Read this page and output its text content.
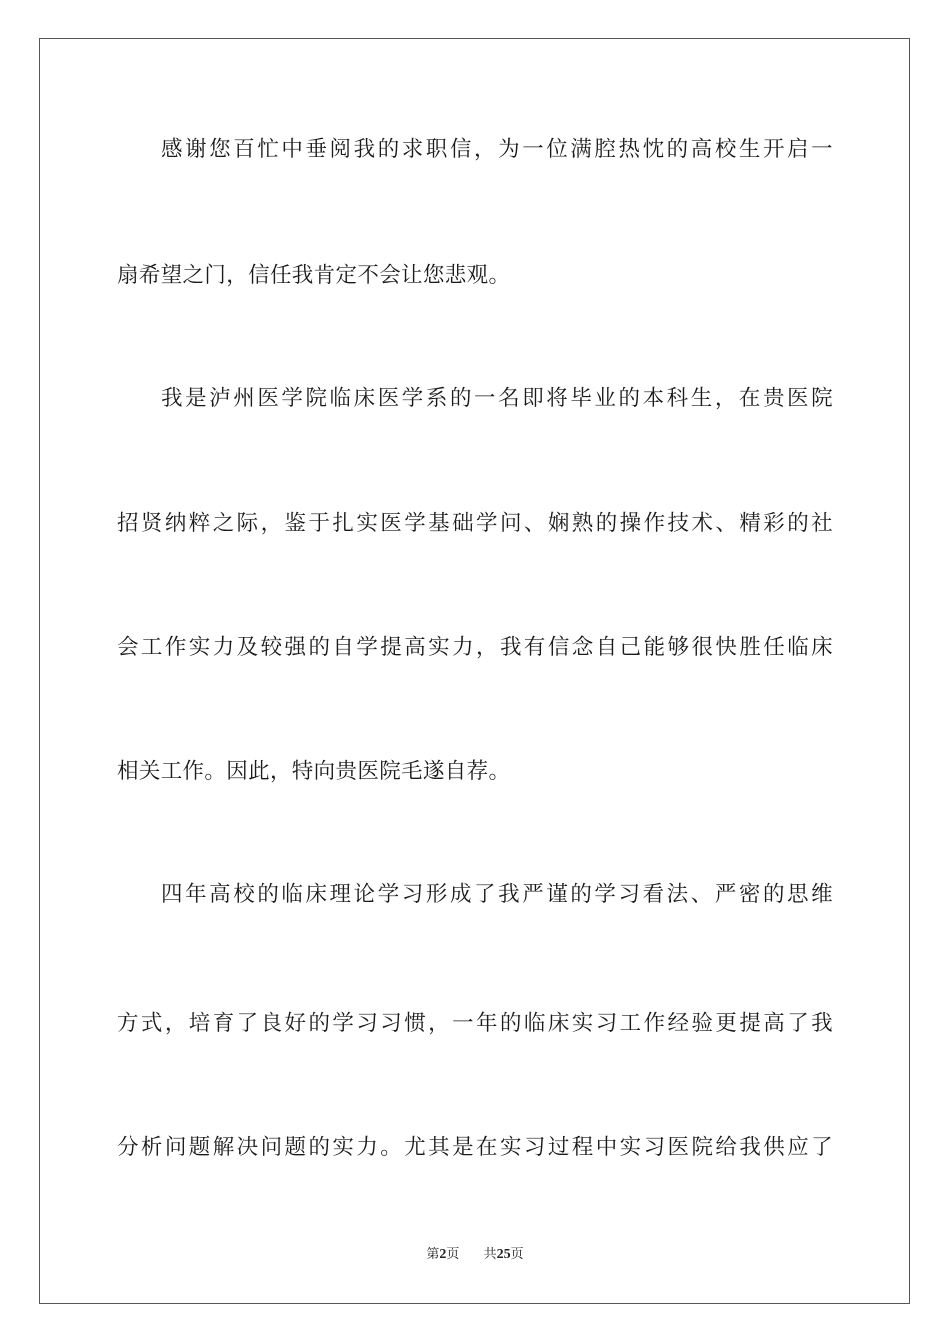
感谢您百忙中垂阅我的求职信，为一位满腔热忱的高校生开启一
扇希望之门，信任我肯定不会让您悲观。
我是泸州医学院临床医学系的一名即将毕业的本科生，在贵医院
招贤纳粹之际，鉴于扎实医学基础学问、娴熟的操作技术、精彩的社
会工作实力及较强的自学提高实力，我有信念自己能够很快胜任临床
相关工作。因此，特向贵医院毛遂自荐。
四年高校的临床理论学习形成了我严谨的学习看法、严密的思维
方式，培育了良好的学习习惯，一年的临床实习工作经验更提高了我
分析问题解决问题的实力。尤其是在实习过程中实习医院给我供应了
第2页 共25页
